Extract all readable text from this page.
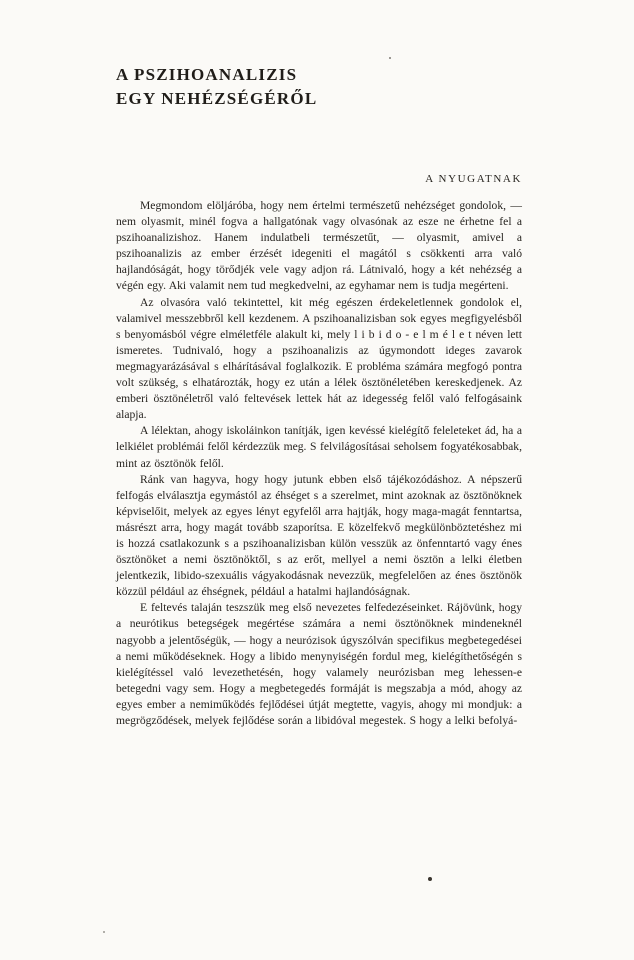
A PSZIHOANALIZIS
EGY NEHÉZSÉGÉRŐL
A NYUGATNAK

Megmondom elöljáróba, hogy nem értelmi természetű nehézséget gondolok, — nem olyasmit, minél fogva a hallgatónak vagy olvasónak az esze ne érhetne fel a pszihoanalizishoz. Hanem indulatbeli természetűt, — olyasmit, amivel a pszihoanalizis az ember érzését idegeniti el magától s csökkenti arra való hajlandóságát, hogy törődjék vele vagy adjon rá. Látnivaló, hogy a két nehézség a végén egy. Aki valamit nem tud megkedvelni, az egyhamar nem is tudja megérteni.

Az olvasóra való tekintettel, kit még egészen érdekeletlennek gondolok el, valamivel messzebbről kell kezdenem. A pszihoanalizisban sok egyes megfigyelésből s benyomásból végre elméletféle alakult ki, mely l i b i d o - e l m é l e t néven lett ismeretes. Tudnivaló, hogy a pszihoanalizis az úgymondott ideges zavarok megmagyarázásával s elhárításával foglalkozik. E probléma számára megfogó pontra volt szükség, s elhatározták, hogy ez után a lélek ösztönéletében kereskedjenek. Az emberi ösztönéletről való feltevések lettek hát az idegesség felől való felfogásaink alapja.

A lélektan, ahogy iskoláinkon tanítják, igen kevéssé kielégítő feleleteket ád, ha a lelkiélet problémái felől kérdezzük meg. S felvilágosításai seholsem fogyatékosabbak, mint az ösztönök felől.

Ránk van hagyva, hogy hogy jutunk ebben első tájékozódáshoz. A népszerű felfogás elválasztja egymástól az éhséget s a szerelmet, mint azoknak az ösztönöknek képviselőit, melyek az egyes lényt egyfelől arra hajtják, hogy maga-magát fenntartsa, másrészt arra, hogy magát tovább szaporítsa. E közelfekvő megkülönböztetéshez mi is hozzá csatlakozunk s a pszihoanalizisban külön vesszük az önfenntartó vagy énes ösztönöket a nemi ösztönöktől, s az erőt, mellyel a nemi ösztön a lelki életben jelentkezik, libido-szexuális vágyakodásnak nevezzük, megfelelően az énes ösztönök közzül például az éhségnek, például a hatalmi hajlandóságnak.

E feltevés talaján teszszük meg első nevezetes felfedezéseinket. Rájövünk, hogy a neurótikus betegségek megértése számára a nemi ösztönöknek mindeneknél nagyobb a jelentőségük, — hogy a neurózisok úgyszólván specifikus megbetegedései a nemi működéseknek. Hogy a libido menynyiségén fordul meg, kielégíthetőségén s kielégítéssel való levezethetésén, hogy valamely neurózisban meg lehessen-e betegedni vagy sem. Hogy a megbetegedés formáját is megszabja a mód, ahogy az egyes ember a nemiműködés fejlődései útját megtette, vagyis, ahogy mi mondjuk: a megrögződések, melyek fejlődése során a libidóval megestek. S hogy a lelki befolyá-
